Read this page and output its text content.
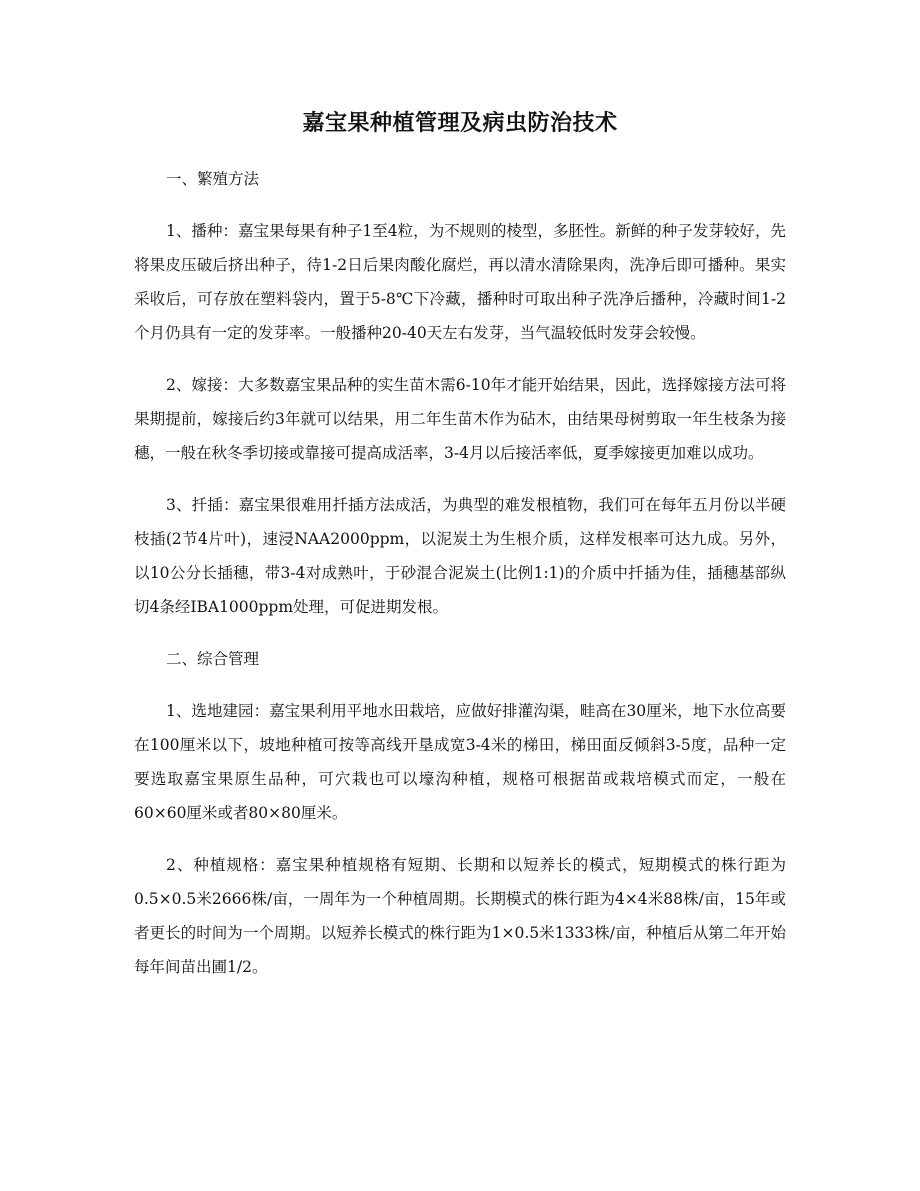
嘉宝果种植管理及病虫防治技术

一、繁殖方法

1、播种：嘉宝果每果有种子1至4粒，为不规则的棱型，多胚性。新鲜的种子发芽较好，先将果皮压破后挤出种子，待1-2日后果肉酸化腐烂，再以清水清除果肉，洗净后即可播种。果实采收后，可存放在塑料袋内，置于5-8℃下冷藏，播种时可取出种子洗净后播种，冷藏时间1-2个月仍具有一定的发芽率。一般播种20-40天左右发芽，当气温较低时发芽会较慢。

2、嫁接：大多数嘉宝果品种的实生苗木需6-10年才能开始结果，因此，选择嫁接方法可将果期提前，嫁接后约3年就可以结果，用二年生苗木作为砧木，由结果母树剪取一年生枝条为接穗，一般在秋冬季切接或靠接可提高成活率，3-4月以后接活率低，夏季嫁接更加难以成功。

3、扦插：嘉宝果很难用扦插方法成活，为典型的难发根植物，我们可在每年五月份以半硬枝插(2节4片叶)，速浸NAA2000ppm，以泥炭土为生根介质，这样发根率可达九成。另外，以10公分长插穗，带3-4对成熟叶，于砂混合泥炭土(比例1:1)的介质中扦插为佳，插穗基部纵切4条经IBA1000ppm处理，可促进期发根。

二、综合管理

1、选地建园：嘉宝果利用平地水田栽培，应做好排灌沟渠，畦高在30厘米，地下水位高要在100厘米以下，坡地种植可按等高线开垦成宽3-4米的梯田，梯田面反倾斜3-5度，品种一定要选取嘉宝果原生品种，可穴栽也可以壕沟种植，规格可根据苗或栽培模式而定，一般在60×60厘米或者80×80厘米。

2、种植规格：嘉宝果种植规格有短期、长期和以短养长的模式，短期模式的株行距为0.5×0.5米2666株/亩，一周年为一个种植周期。长期模式的株行距为4×4米88株/亩，15年或者更长的时间为一个周期。以短养长模式的株行距为1×0.5米1333株/亩，种植后从第二年开始每年间苗出圃1/2。
